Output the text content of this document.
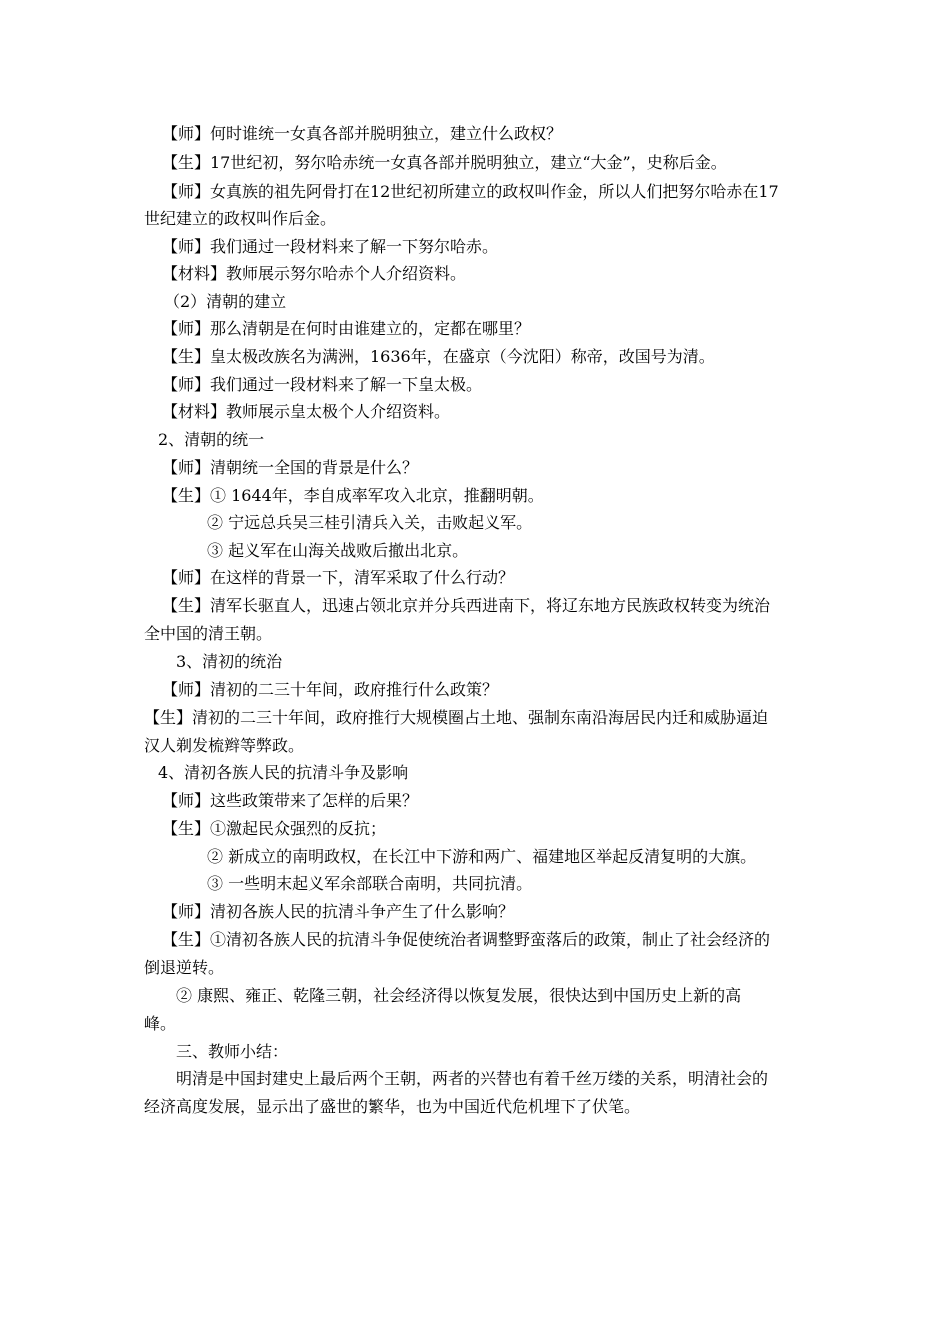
【师】何时谁统一女真各部并脱明独立，建立什么政权？
【生】17世纪初，努尔哈赤统一女真各部并脱明独立，建立“大金”，史称后金。
【师】女真族的祖先阿骨打在12世纪初所建立的政权叫作金，所以人们把努尔哈赤在17
世纪建立的政权叫作后金。
【师】我们通过一段材料来了解一下努尔哈赤。
【材料】教师展示努尔哈赤个人介绍资料。
（2）清朝的建立
【师】那么清朝是在何时由谁建立的，定都在哪里？
【生】皇太极改族名为满洲，1636年，在盛京（今沈阳）称帝，改国号为清。
【师】我们通过一段材料来了解一下皇太极。
【材料】教师展示皇太极个人介绍资料。
2、清朝的统一
【师】清朝统一全国的背景是什么？
【生】① 1644年，李自成率军攻入北京，推翻明朝。
② 宁远总兵吴三桂引清兵入关，击败起义军。
③ 起义军在山海关战败后撤出北京。
【师】在这样的背景一下，清军采取了什么行动？
【生】清军长驱直人，迅速占领北京并分兵西进南下，将辽东地方民族政权转变为统治
全中国的清王朝。
3、清初的统治
【师】清初的二三十年间，政府推行什么政策？
【生】清初的二三十年间，政府推行大规模圈占土地、强制东南沿海居民内迁和威胁逼迫
汉人剃发梳辫等弊政。
4、清初各族人民的抗清斗争及影响
【师】这些政策带来了怎样的后果？
【生】①激起民众强烈的反抗；
② 新成立的南明政权，在长江中下游和两广、福建地区举起反清复明的大旗。
③ 一些明末起义军余部联合南明，共同抗清。
【师】清初各族人民的抗清斗争产生了什么影响？
【生】①清初各族人民的抗清斗争促使统治者调整野蛮落后的政策，制止了社会经济的
倒退逆转。
② 康熙、雍正、乾隆三朝，社会经济得以恢复发展，很快达到中国历史上新的高
峰。
三、教师小结：
明清是中国封建史上最后两个王朝，两者的兴替也有着千丝万缕的关系，明清社会的
经济高度发展，显示出了盛世的繁华，也为中国近代危机埋下了伏笔。
